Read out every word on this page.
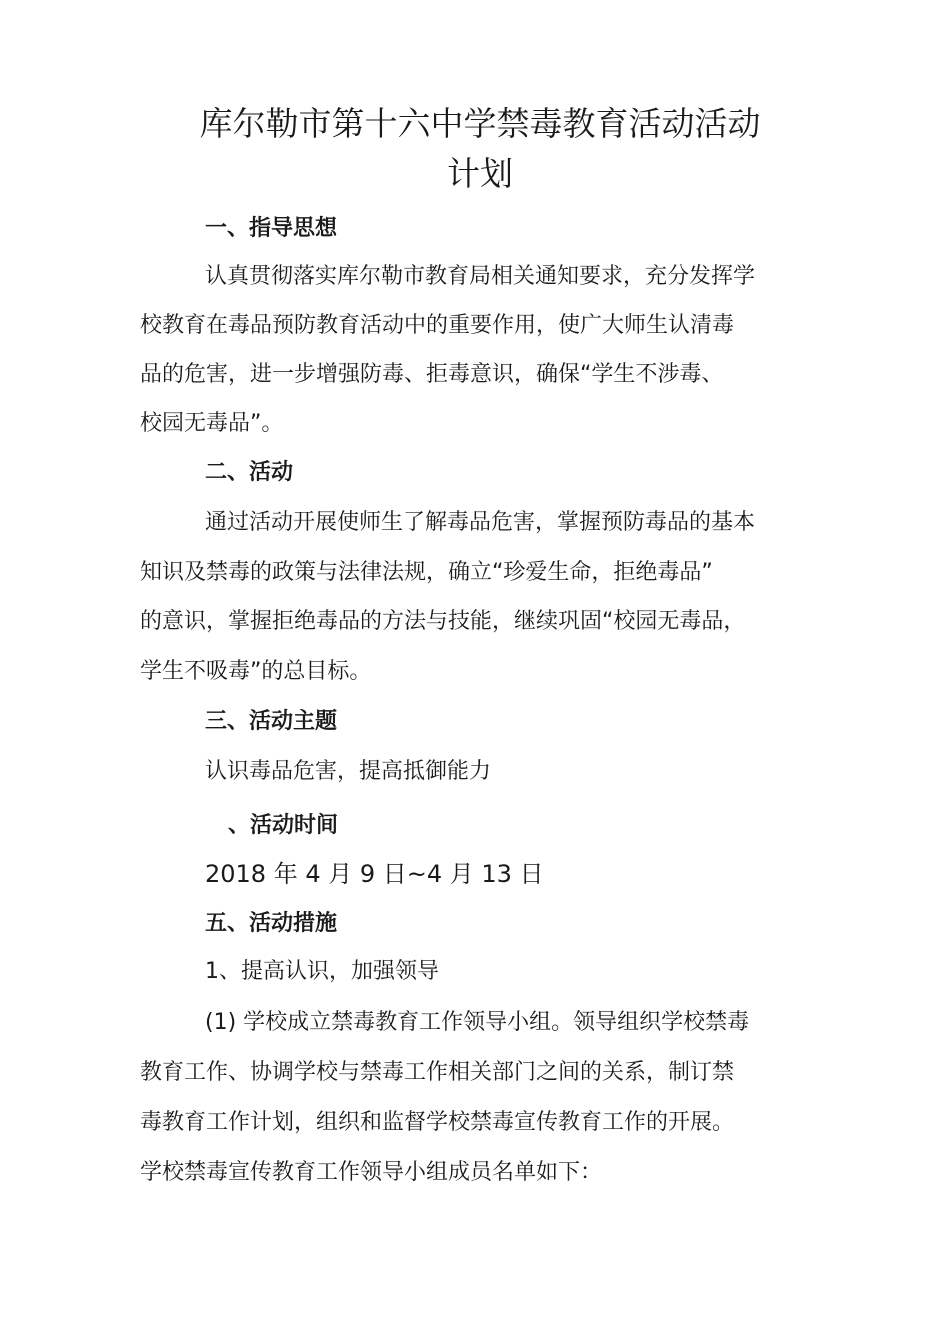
库尔勒市第十六中学禁毒教育活动活动
计划

一、指导思想

认真贯彻落实库尔勒市教育局相关通知要求，充分发挥学

校教育在毒品预防教育活动中的重要作用，使广大师生认清毒

品的危害，进一步增强防毒、拒毒意识，确保“学生不涉毒、

校园无毒品”。

二、活动

通过活动开展使师生了解毒品危害，掌握预防毒品的基本

知识及禁毒的政策与法律法规，确立“珍爱生命，拒绝毒品”

的意识，掌握拒绝毒品的方法与技能，继续巩固“校园无毒品，

学生不吸毒”的总目标。

三、活动主题

认识毒品危害，提高抵御能力

、活动时间

2018 年 4 月 9 日~4 月 13 日

五、活动措施

1、提高认识，加强领导

(1) 学校成立禁毒教育工作领导小组。领导组织学校禁毒

教育工作、协调学校与禁毒工作相关部门之间的关系，制订禁

毒教育工作计划，组织和监督学校禁毒宣传教育工作的开展。

学校禁毒宣传教育工作领导小组成员名单如下：
